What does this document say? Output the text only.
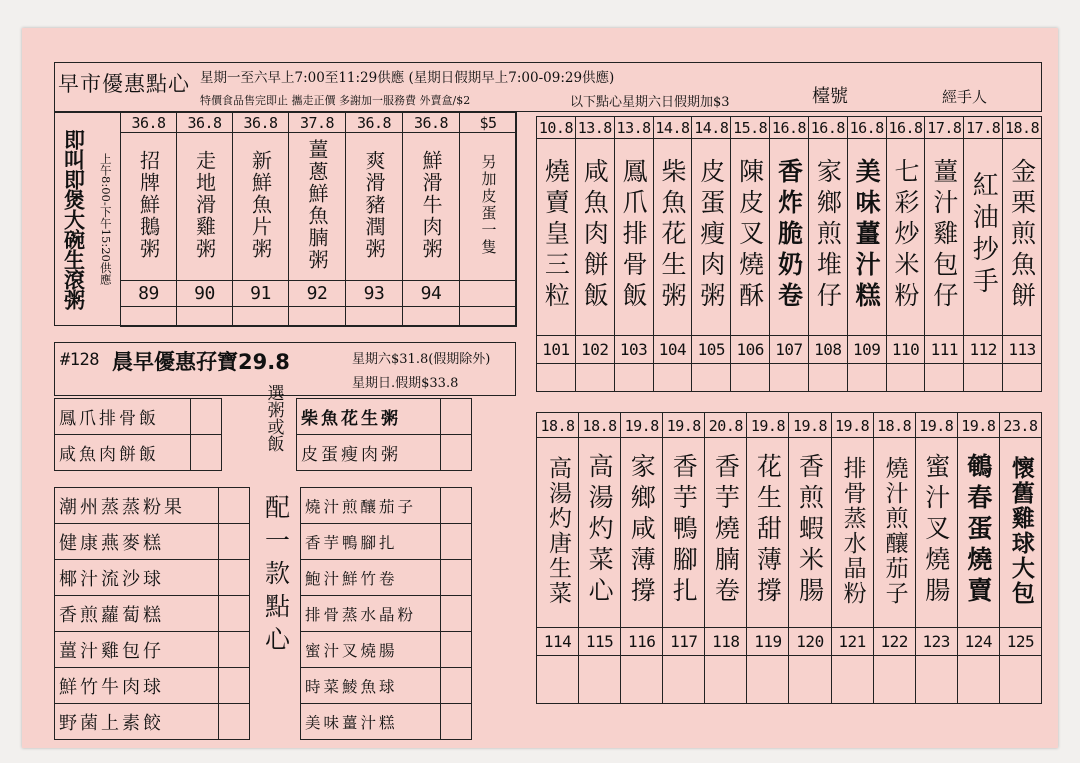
早市優惠點心 星期一至六早上7:00至11:29供應 (星期日假期早上7:00-09:29供應)
特價食品售完即止 攜走正價 多謝加一服務費 外賣盒/$2	以下點心星期六日假期加$3	檯號	經手人
即叫即煲大碗生滾粥 上午8:00-下午15:20供應
36.8	36.8	36.8	37.8	36.8	36.8	$5
招牌鮮鵝粥	走地滑雞粥	新鮮魚片粥	薑蔥鮮魚腩粥	爽滑豬潤粥	鮮滑牛肉粥	另加皮蛋一隻
89	90	91	92	93	94	

10.8	13.8	13.8	14.8	14.8	15.8	16.8	16.8	16.8	16.8	17.8	17.8	18.8
燒賣皇三粒	咸魚肉餅飯	鳳爪排骨飯	柴魚花生粥	皮蛋瘦肉粥	陳皮叉燒酥	香炸脆奶卷	家鄉煎堆仔	美味薑汁糕	七彩炒米粉	薑汁雞包仔	紅油抄手	金栗煎魚餅
101	102	103	104	105	106	107	108	109	110	111	112	113

18.8	18.8	19.8	19.8	20.8	19.8	19.8	19.8	18.8	19.8	19.8	23.8
高湯灼唐生菜	高湯灼菜心	家鄉咸薄撐	香芋鴨腳扎	香芋燒腩卷	花生甜薄撐	香煎蝦米腸	排骨蒸水晶粉	燒汁煎釀茄子	蜜汁叉燒腸	鵪春蛋燒賣	懷舊雞球大包
114	115	116	117	118	119	120	121	122	123	124	125

#128 晨早優惠孖寶29.8	星期六$31.8(假期除外)
星期日.假期$33.8
鳳爪排骨飯	
咸魚肉餅飯	
選粥或飯 柴魚花生粥	
皮蛋瘦肉粥	
潮州蒸蒸粉果	
健康燕麥糕	
椰汁流沙球	
香煎蘿蔔糕	
薑汁雞包仔	
鮮竹牛肉球	
野菌上素餃	
配一款點心 燒汁煎釀茄子	
香芋鴨腳扎	
鮑汁鮮竹卷	
排骨蒸水晶粉	
蜜汁叉燒腸	
時菜鯪魚球	
美味薑汁糕	
